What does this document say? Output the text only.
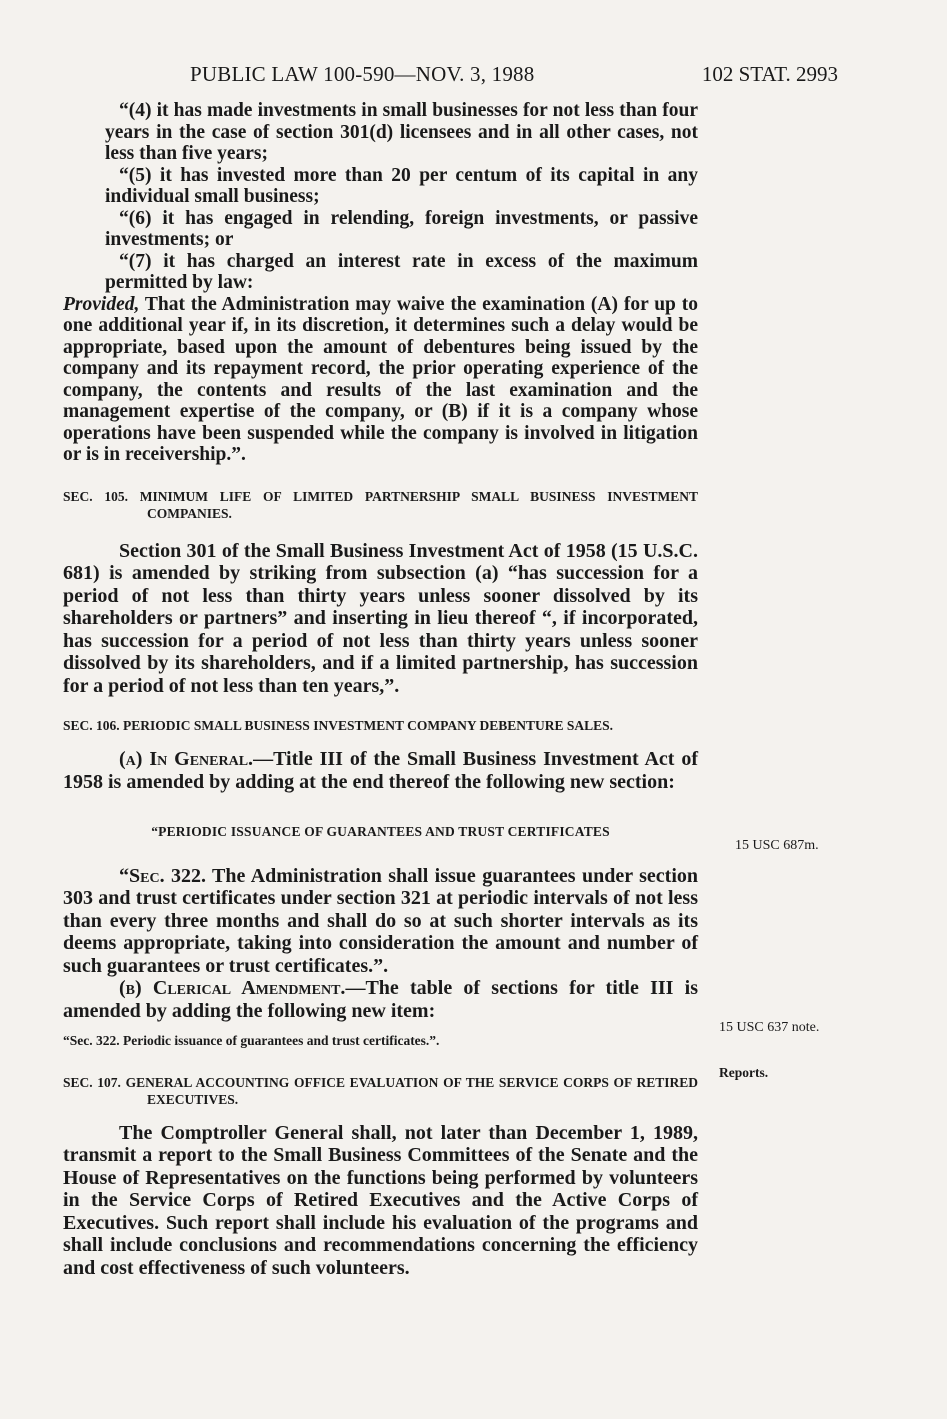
PUBLIC LAW 100-590—NOV. 3, 1988	102 STAT. 2993

“(4) it has made investments in small businesses for not less than four years in the case of section 301(d) licensees and in all other cases, not less than five years;

“(5) it has invested more than 20 per centum of its capital in any individual small business;

“(6) it has engaged in relending, foreign investments, or passive investments; or

“(7) it has charged an interest rate in excess of the maximum permitted by law:

Provided, That the Administration may waive the examination (A) for up to one additional year if, in its discretion, it determines such a delay would be appropriate, based upon the amount of debentures being issued by the company and its repayment record, the prior operating experience of the company, the contents and results of the last examination and the management expertise of the company, or (B) if it is a company whose operations have been suspended while the company is involved in litigation or is in receivership.”.

SEC. 105. MINIMUM LIFE OF LIMITED PARTNERSHIP SMALL BUSINESS INVESTMENT COMPANIES.

Section 301 of the Small Business Investment Act of 1958 (15 U.S.C. 681) is amended by striking from subsection (a) “has succession for a period of not less than thirty years unless sooner dissolved by its shareholders or partners” and inserting in lieu thereof “, if incorporated, has succession for a period of not less than thirty years unless sooner dissolved by its shareholders, and if a limited partnership, has succession for a period of not less than ten years,”.

SEC. 106. PERIODIC SMALL BUSINESS INVESTMENT COMPANY DEBENTURE SALES.

(a) In General.—Title III of the Small Business Investment Act of 1958 is amended by adding at the end thereof the following new section:

“PERIODIC ISSUANCE OF GUARANTEES AND TRUST CERTIFICATES

“Sec. 322. The Administration shall issue guarantees under section 303 and trust certificates under section 321 at periodic intervals of not less than every three months and shall do so at such shorter intervals as its deems appropriate, taking into consideration the amount and number of such guarantees or trust certificates.”.

(b) Clerical Amendment.—The table of sections for title III is amended by adding the following new item:

“Sec. 322. Periodic issuance of guarantees and trust certificates.”.

SEC. 107. GENERAL ACCOUNTING OFFICE EVALUATION OF THE SERVICE CORPS OF RETIRED EXECUTIVES.

The Comptroller General shall, not later than December 1, 1989, transmit a report to the Small Business Committees of the Senate and the House of Representatives on the functions being performed by volunteers in the Service Corps of Retired Executives and the Active Corps of Executives. Such report shall include his evaluation of the programs and shall include conclusions and recommendations concerning the efficiency and cost effectiveness of such volunteers.

15 USC 687m.
15 USC 637 note.
Reports.
